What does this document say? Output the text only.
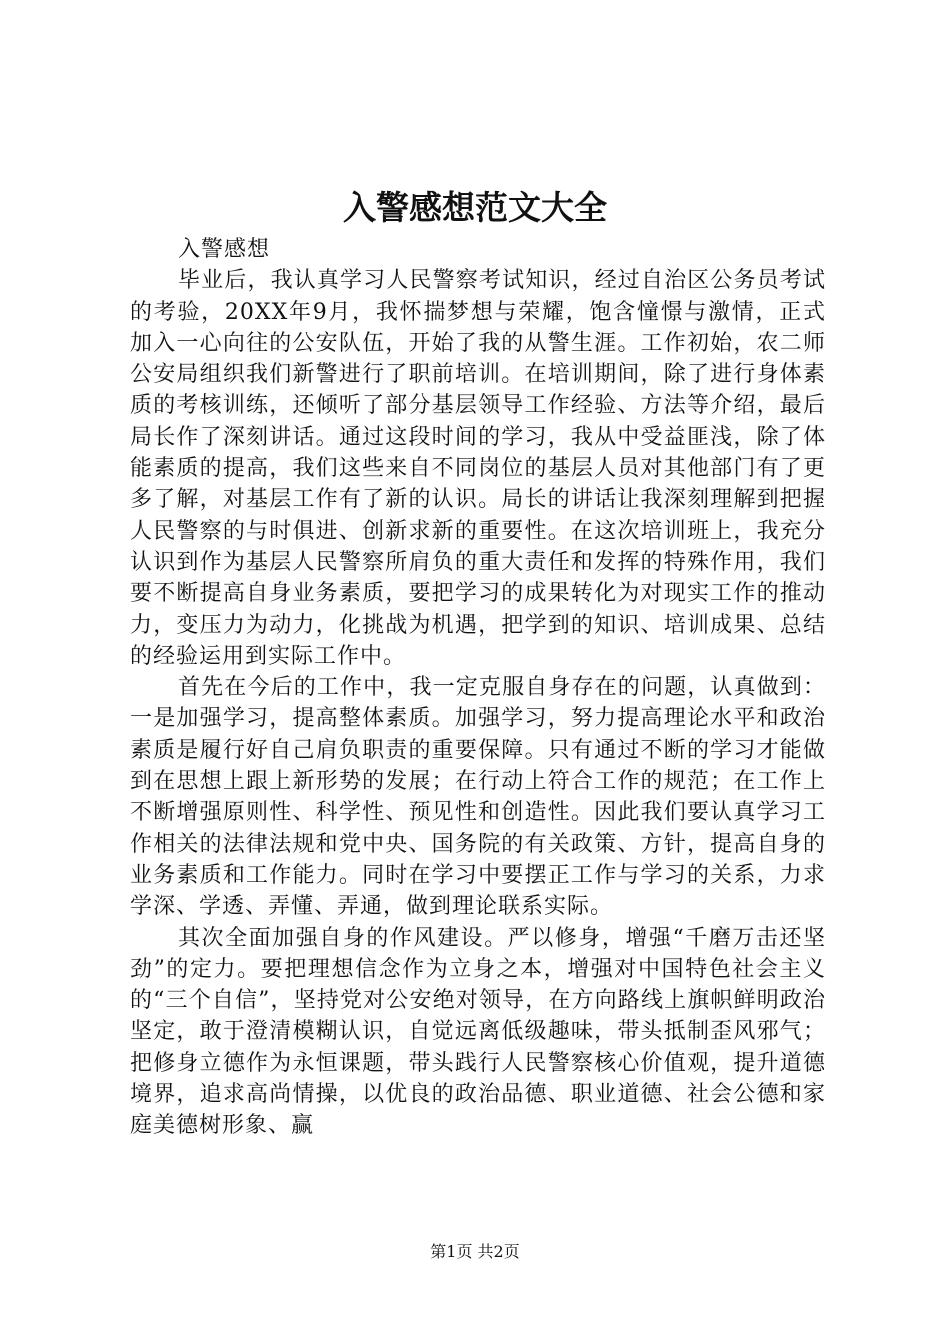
入警感想范文大全

入警感想

毕业后，我认真学习人民警察考试知识，经过自治区公务员考试的考验，20XX年9月，我怀揣梦想与荣耀，饱含憧憬与激情，正式加入一心向往的公安队伍，开始了我的从警生涯。工作初始，农二师公安局组织我们新警进行了职前培训。在培训期间，除了进行身体素质的考核训练，还倾听了部分基层领导工作经验、方法等介绍，最后局长作了深刻讲话。通过这段时间的学习，我从中受益匪浅，除了体能素质的提高，我们这些来自不同岗位的基层人员对其他部门有了更多了解，对基层工作有了新的认识。局长的讲话让我深刻理解到把握人民警察的与时俱进、创新求新的重要性。在这次培训班上，我充分认识到作为基层人民警察所肩负的重大责任和发挥的特殊作用，我们要不断提高自身业务素质，要把学习的成果转化为对现实工作的推动力，变压力为动力，化挑战为机遇，把学到的知识、培训成果、总结的经验运用到实际工作中。

首先在今后的工作中，我一定克服自身存在的问题，认真做到：一是加强学习，提高整体素质。加强学习，努力提高理论水平和政治素质是履行好自己肩负职责的重要保障。只有通过不断的学习才能做到在思想上跟上新形势的发展；在行动上符合工作的规范；在工作上不断增强原则性、科学性、预见性和创造性。因此我们要认真学习工作相关的法律法规和党中央、国务院的有关政策、方针，提高自身的业务素质和工作能力。同时在学习中要摆正工作与学习的关系，力求学深、学透、弄懂、弄通，做到理论联系实际。

其次全面加强自身的作风建设。严以修身，增强“千磨万击还坚劲”的定力。要把理想信念作为立身之本，增强对中国特色社会主义的“三个自信”，坚持党对公安绝对领导，在方向路线上旗帜鲜明政治坚定，敢于澄清模糊认识，自觉远离低级趣味，带头抵制歪风邪气；把修身立德作为永恒课题，带头践行人民警察核心价值观，提升道德境界，追求高尚情操，以优良的政治品德、职业道德、社会公德和家庭美德树形象、赢

第1页 共2页
